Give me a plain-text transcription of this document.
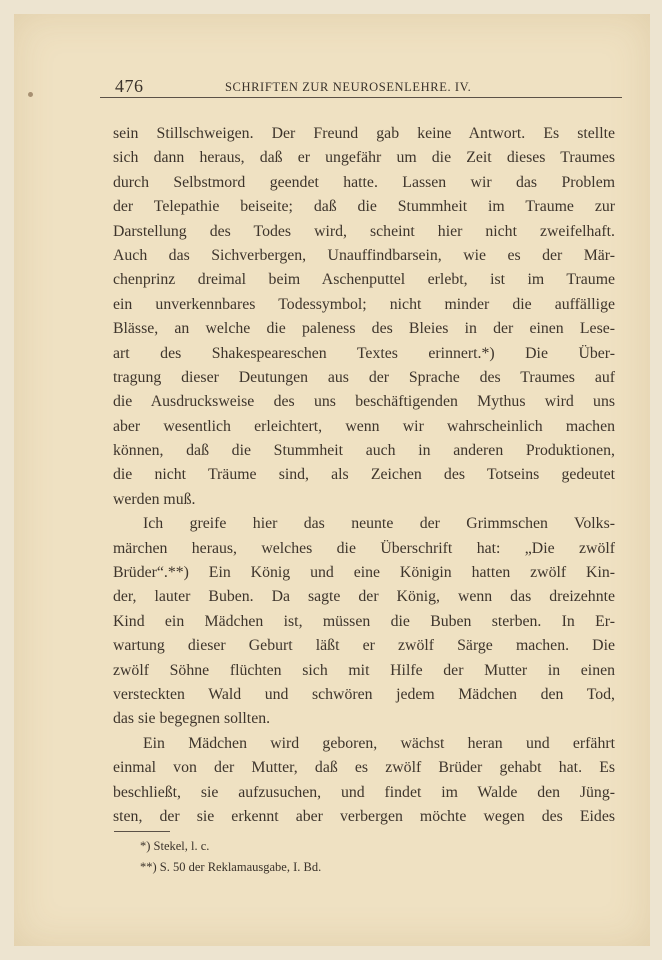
476	SCHRIFTEN ZUR NEUROSENLEHRE. IV.
sein Stillschweigen. Der Freund gab keine Antwort. Es stellte
sich dann heraus, daß er ungefähr um die Zeit dieses Traumes
durch Selbstmord geendet hatte. Lassen wir das Problem
der Telepathie beiseite; daß die Stummheit im Traume zur
Darstellung des Todes wird, scheint hier nicht zweifelhaft.
Auch das Sichverbergen, Unauffindbarsein, wie es der Mär-
chenprinz dreimal beim Aschenputtel erlebt, ist im Traume
ein unverkennbares Todessymbol; nicht minder die auffällige
Blässe, an welche die paleness des Bleies in der einen Lese-
art des Shakespeareschen Textes erinnert.*) Die Über-
tragung dieser Deutungen aus der Sprache des Traumes auf
die Ausdrucksweise des uns beschäftigenden Mythus wird uns
aber wesentlich erleichtert, wenn wir wahrscheinlich machen
können, daß die Stummheit auch in anderen Produktionen,
die nicht Träume sind, als Zeichen des Totseins gedeutet
werden muß.
Ich greife hier das neunte der Grimmschen Volks-
märchen heraus, welches die Überschrift hat: „Die zwölf
Brüder“.**) Ein König und eine Königin hatten zwölf Kin-
der, lauter Buben. Da sagte der König, wenn das dreizehnte
Kind ein Mädchen ist, müssen die Buben sterben. In Er-
wartung dieser Geburt läßt er zwölf Särge machen. Die
zwölf Söhne flüchten sich mit Hilfe der Mutter in einen
versteckten Wald und schwören jedem Mädchen den Tod,
das sie begegnen sollten.
Ein Mädchen wird geboren, wächst heran und erfährt
einmal von der Mutter, daß es zwölf Brüder gehabt hat. Es
beschließt, sie aufzusuchen, und findet im Walde den Jüng-
sten, der sie erkennt aber verbergen möchte wegen des Eides
*) Stekel, l. c.
**) S. 50 der Reklamausgabe, I. Bd.
